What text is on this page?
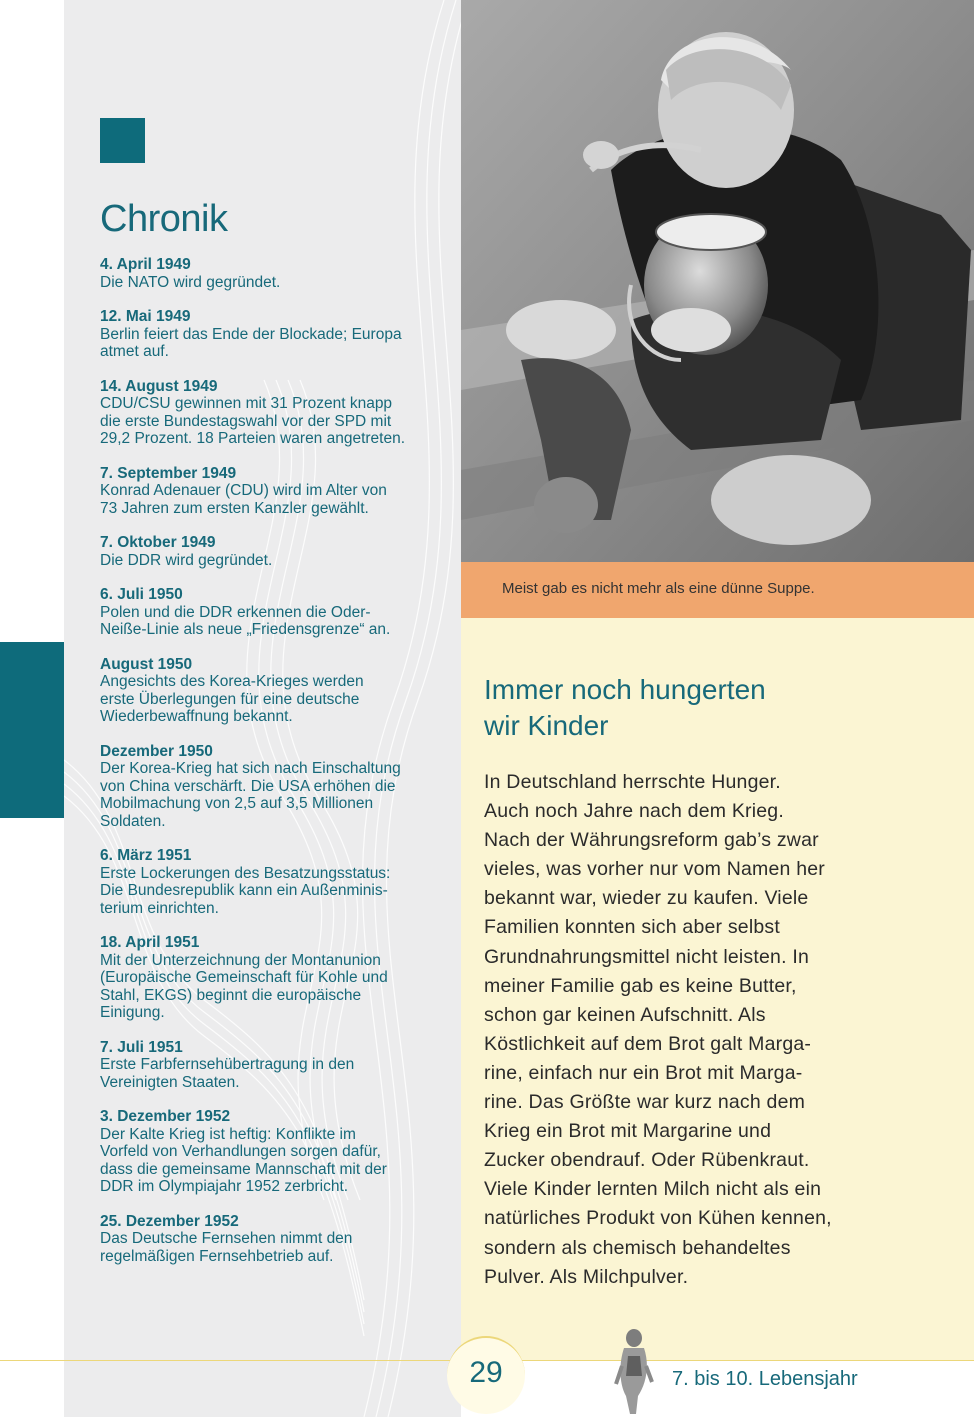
Chronik
4. April 1949
Die NATO wird gegründet.
12. Mai 1949
Berlin feiert das Ende der Blockade; Europa
atmet auf.
14. August 1949
CDU/CSU gewinnen mit 31 Prozent knapp
die erste Bundestagswahl vor der SPD mit
29,2 Prozent. 18 Parteien waren angetreten.
7. September 1949
Konrad Adenauer (CDU) wird im Alter von
73 Jahren zum ersten Kanzler gewählt.
7. Oktober 1949
Die DDR wird gegründet.
6. Juli 1950
Polen und die DDR erkennen die Oder-
Neiße-Linie als neue „Friedensgrenze“ an.
August 1950
Angesichts des Korea-Krieges werden
erste Überlegungen für eine deutsche
Wiederbewaffnung bekannt.
Dezember 1950
Der Korea-Krieg hat sich nach Einschaltung
von China verschärft. Die USA erhöhen die
Mobilmachung von 2,5 auf 3,5 Millionen
Soldaten.
6. März 1951
Erste Lockerungen des Besatzungsstatus:
Die Bundesrepublik kann ein Außenminis-
terium einrichten.
18. April 1951
Mit der Unterzeichnung der Montanunion
(Europäische Gemeinschaft für Kohle und
Stahl, EKGS) beginnt die europäische
Einigung.
7. Juli 1951
Erste Farbfernsehübertragung in den
Vereinigten Staaten.
3. Dezember 1952
Der Kalte Krieg ist heftig: Konflikte im
Vorfeld von Verhandlungen sorgen dafür,
dass die gemeinsame Mannschaft mit der
DDR im Olympiajahr 1952 zerbricht.
25. Dezember 1952
Das Deutsche Fernsehen nimmt den
regelmäßigen Fernsehbetrieb auf.
Meist gab es nicht mehr als eine dünne Suppe.
Immer noch hungerten
wir Kinder
In Deutschland herrschte Hunger.
Auch noch Jahre nach dem Krieg.
Nach der Währungsreform gab’s zwar
vieles, was vorher nur vom Namen her
bekannt war, wieder zu kaufen. Viele
Familien konnten sich aber selbst
Grundnahrungsmittel nicht leisten. In
meiner Familie gab es keine Butter,
schon gar keinen Aufschnitt. Als
Köstlichkeit auf dem Brot galt Marga-
rine, einfach nur ein Brot mit Marga-
rine. Das Größte war kurz nach dem
Krieg ein Brot mit Margarine und
Zucker obendrauf. Oder Rübenkraut.
Viele Kinder lernten Milch nicht als ein
natürliches Produkt von Kühen kennen,
sondern als chemisch behandeltes
Pulver. Als Milchpulver.
29	7. bis 10. Lebensjahr
